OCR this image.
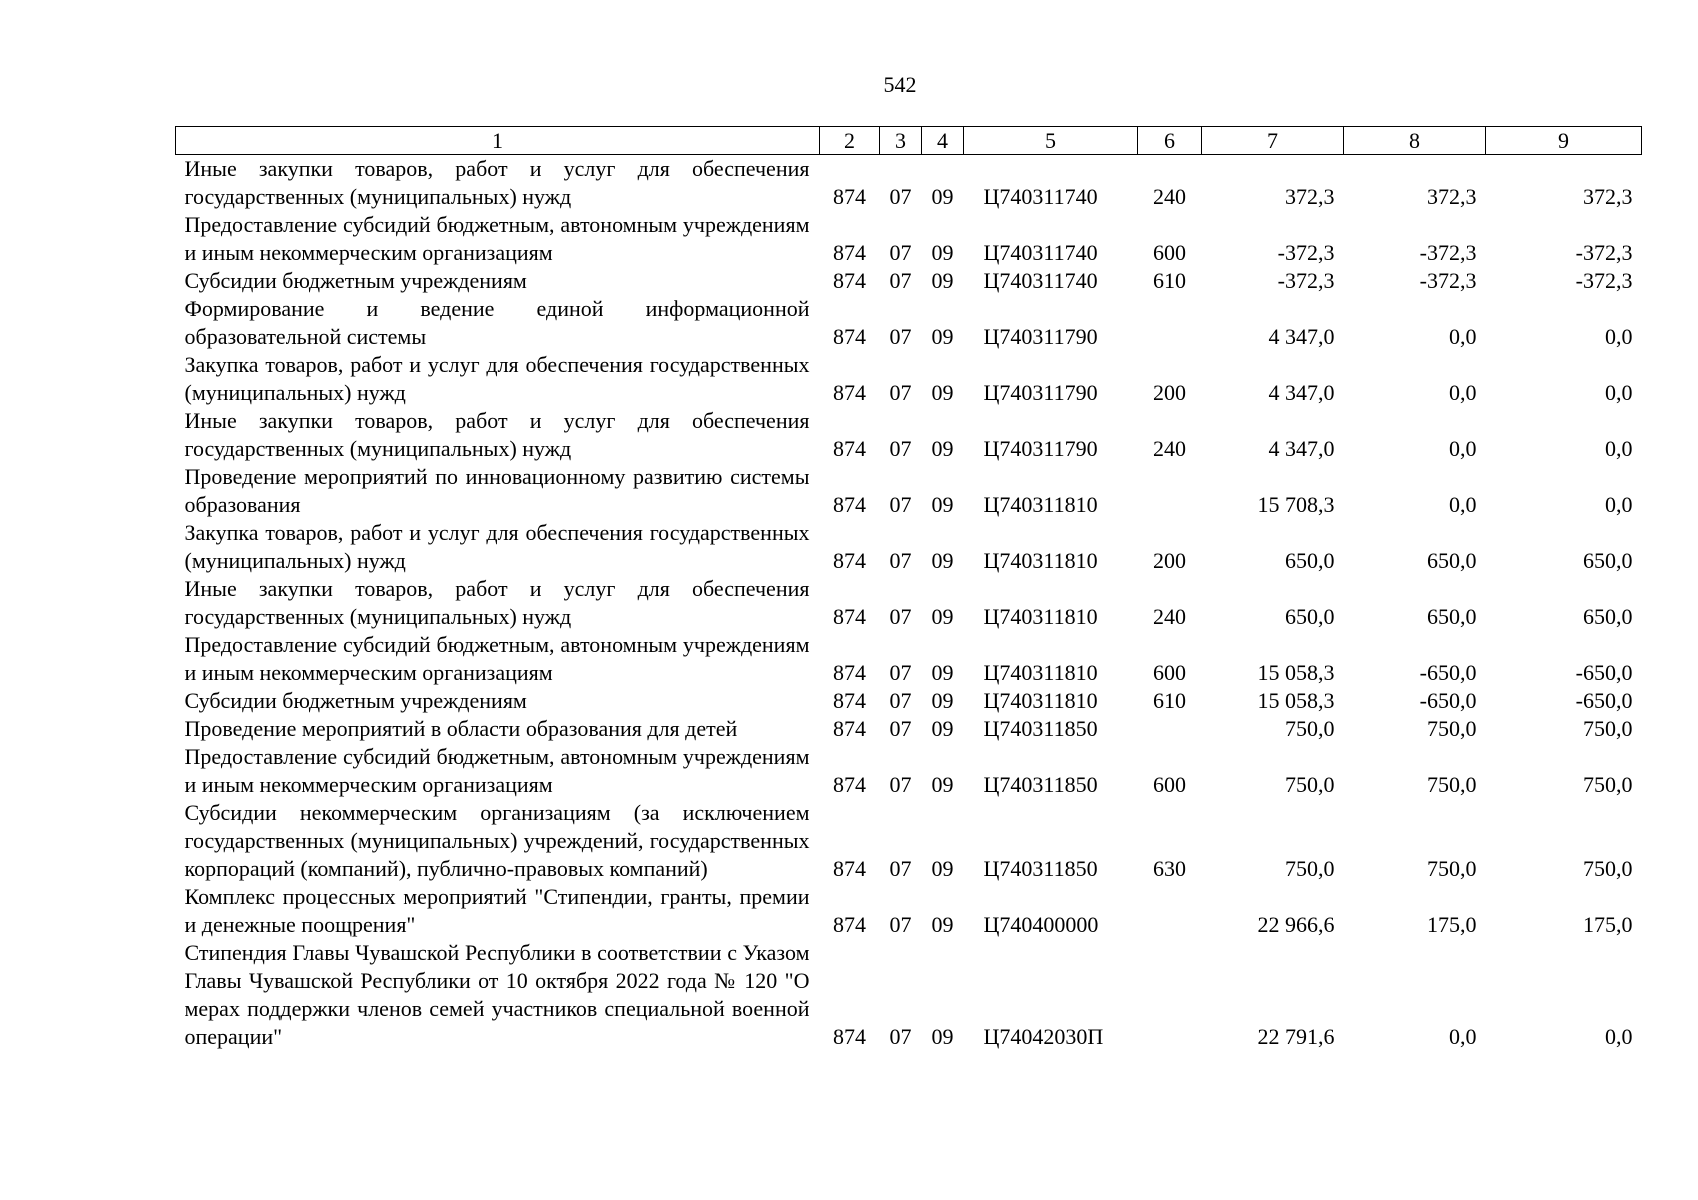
542
1	2	3	4	5	6	7	8	9
Иные закупки товаров, работ и услуг для обеспечения государственных (муниципальных) нужд	874	07	09	Ц740311740	240	372,3	372,3	372,3
Предоставление субсидий бюджетным, автономным учреждениям и иным некоммерческим организациям	874	07	09	Ц740311740	600	-372,3	-372,3	-372,3
Субсидии бюджетным учреждениям	874	07	09	Ц740311740	610	-372,3	-372,3	-372,3
Формирование и ведение единой информационной образовательной системы	874	07	09	Ц740311790		4 347,0	0,0	0,0
Закупка товаров, работ и услуг для обеспечения государственных (муниципальных) нужд	874	07	09	Ц740311790	200	4 347,0	0,0	0,0
Иные закупки товаров, работ и услуг для обеспечения государственных (муниципальных) нужд	874	07	09	Ц740311790	240	4 347,0	0,0	0,0
Проведение мероприятий по инновационному развитию системы образования	874	07	09	Ц740311810		15 708,3	0,0	0,0
Закупка товаров, работ и услуг для обеспечения государственных (муниципальных) нужд	874	07	09	Ц740311810	200	650,0	650,0	650,0
Иные закупки товаров, работ и услуг для обеспечения государственных (муниципальных) нужд	874	07	09	Ц740311810	240	650,0	650,0	650,0
Предоставление субсидий бюджетным, автономным учреждениям и иным некоммерческим организациям	874	07	09	Ц740311810	600	15 058,3	-650,0	-650,0
Субсидии бюджетным учреждениям	874	07	09	Ц740311810	610	15 058,3	-650,0	-650,0
Проведение мероприятий в области образования для детей	874	07	09	Ц740311850		750,0	750,0	750,0
Предоставление субсидий бюджетным, автономным учреждениям и иным некоммерческим организациям	874	07	09	Ц740311850	600	750,0	750,0	750,0
Субсидии некоммерческим организациям (за исключением государственных (муниципальных) учреждений, государственных корпораций (компаний), публично-правовых компаний)	874	07	09	Ц740311850	630	750,0	750,0	750,0
Комплекс процессных мероприятий "Стипендии, гранты, премии и денежные поощрения"	874	07	09	Ц740400000		22 966,6	175,0	175,0
Стипендия Главы Чувашской Республики в соответствии с Указом Главы Чувашской Республики от 10 октября 2022 года № 120 "О мерах поддержки членов семей участников специальной военной операции"	874	07	09	Ц74042030П		22 791,6	0,0	0,0
